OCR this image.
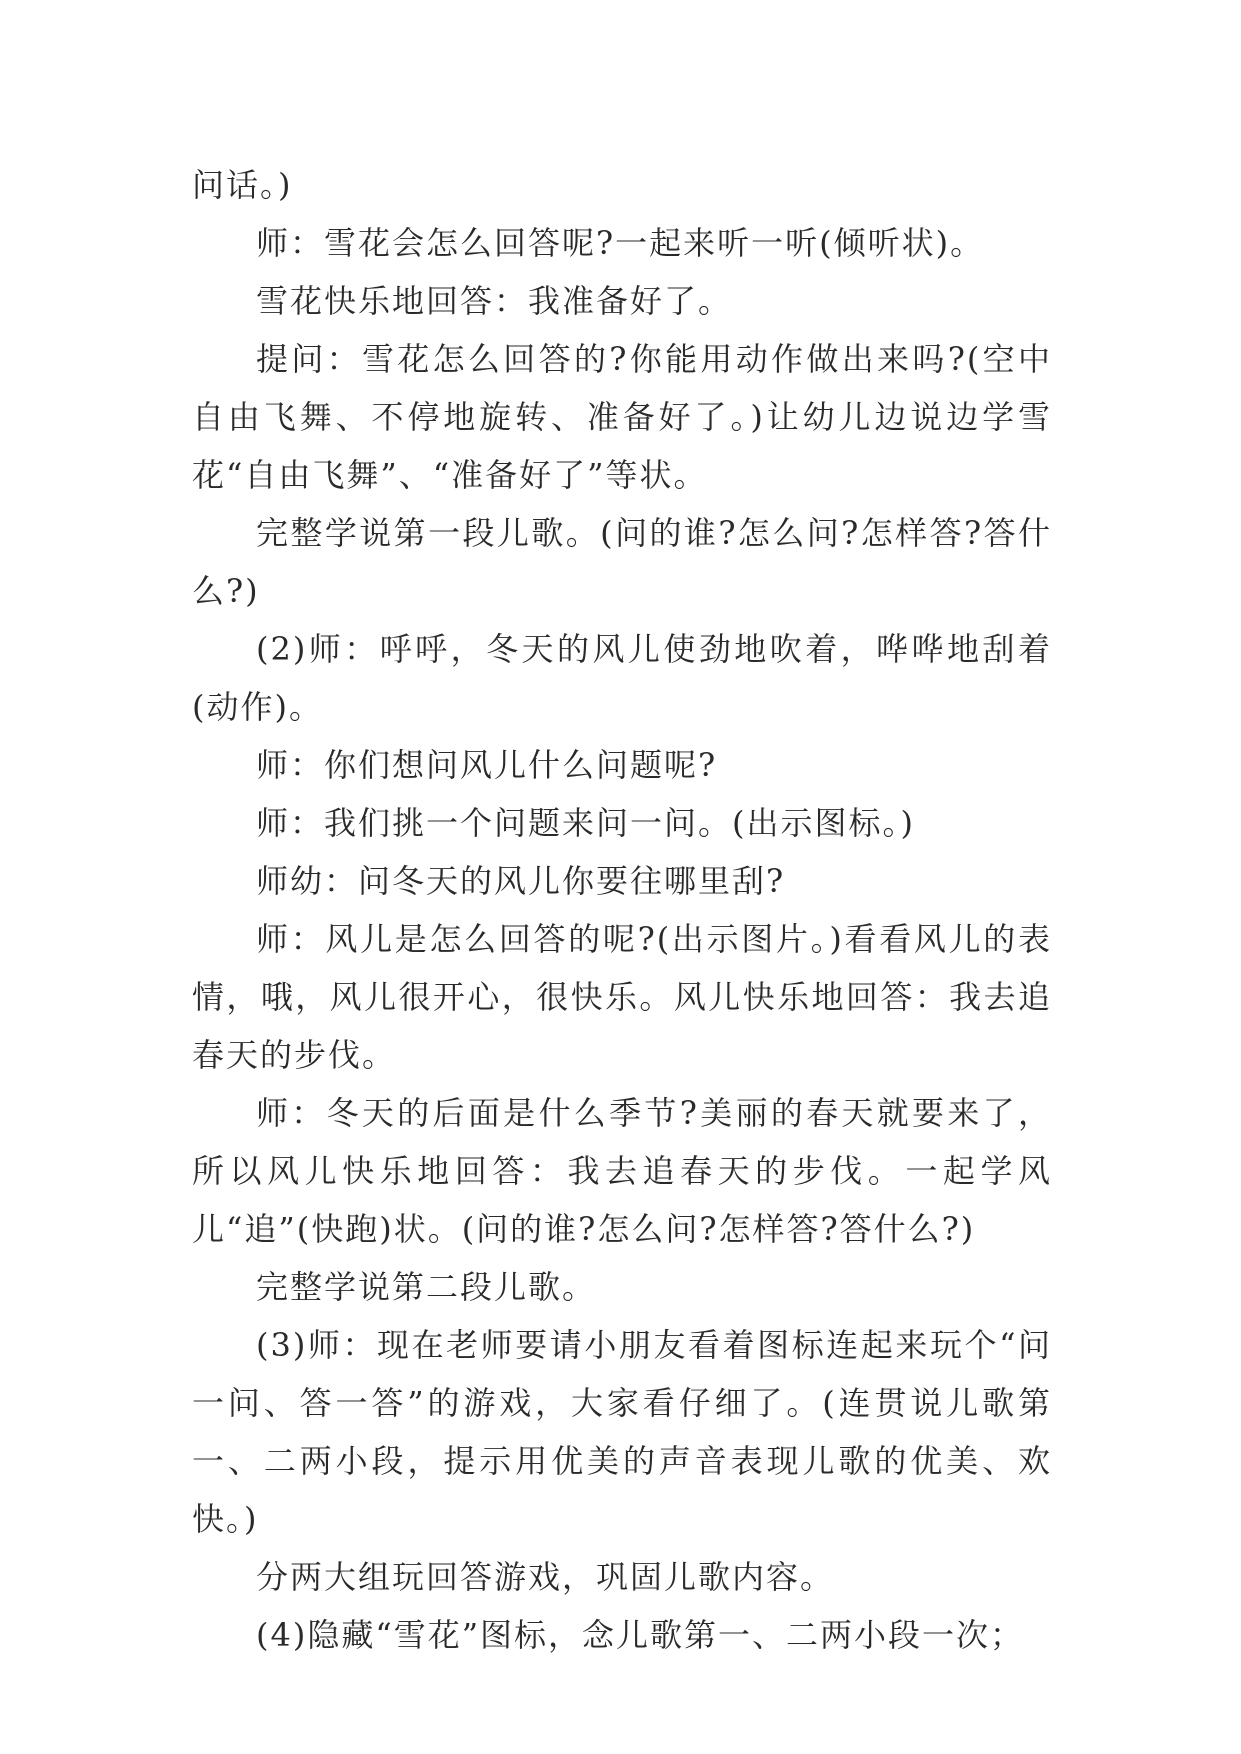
问话。)

师：雪花会怎么回答呢?一起来听一听(倾听状)。

雪花快乐地回答：我准备好了。

提问：雪花怎么回答的?你能用动作做出来吗?(空中自由飞舞、不停地旋转、准备好了。)让幼儿边说边学雪花“自由飞舞”、“准备好了”等状。

完整学说第一段儿歌。(问的谁?怎么问?怎样答?答什么?)

(2)师：呼呼，冬天的风儿使劲地吹着，哗哗地刮着(动作)。

师：你们想问风儿什么问题呢?

师：我们挑一个问题来问一问。(出示图标。)

师幼：问冬天的风儿你要往哪里刮?

师：风儿是怎么回答的呢?(出示图片。)看看风儿的表情，哦，风儿很开心，很快乐。风儿快乐地回答：我去追春天的步伐。

师：冬天的后面是什么季节?美丽的春天就要来了，所以风儿快乐地回答：我去追春天的步伐。一起学风儿“追”(快跑)状。(问的谁?怎么问?怎样答?答什么?)

完整学说第二段儿歌。

(3)师：现在老师要请小朋友看着图标连起来玩个“问一问、答一答”的游戏，大家看仔细了。(连贯说儿歌第一、二两小段，提示用优美的声音表现儿歌的优美、欢快。)

分两大组玩回答游戏，巩固儿歌内容。

(4)隐藏“雪花”图标，念儿歌第一、二两小段一次；
